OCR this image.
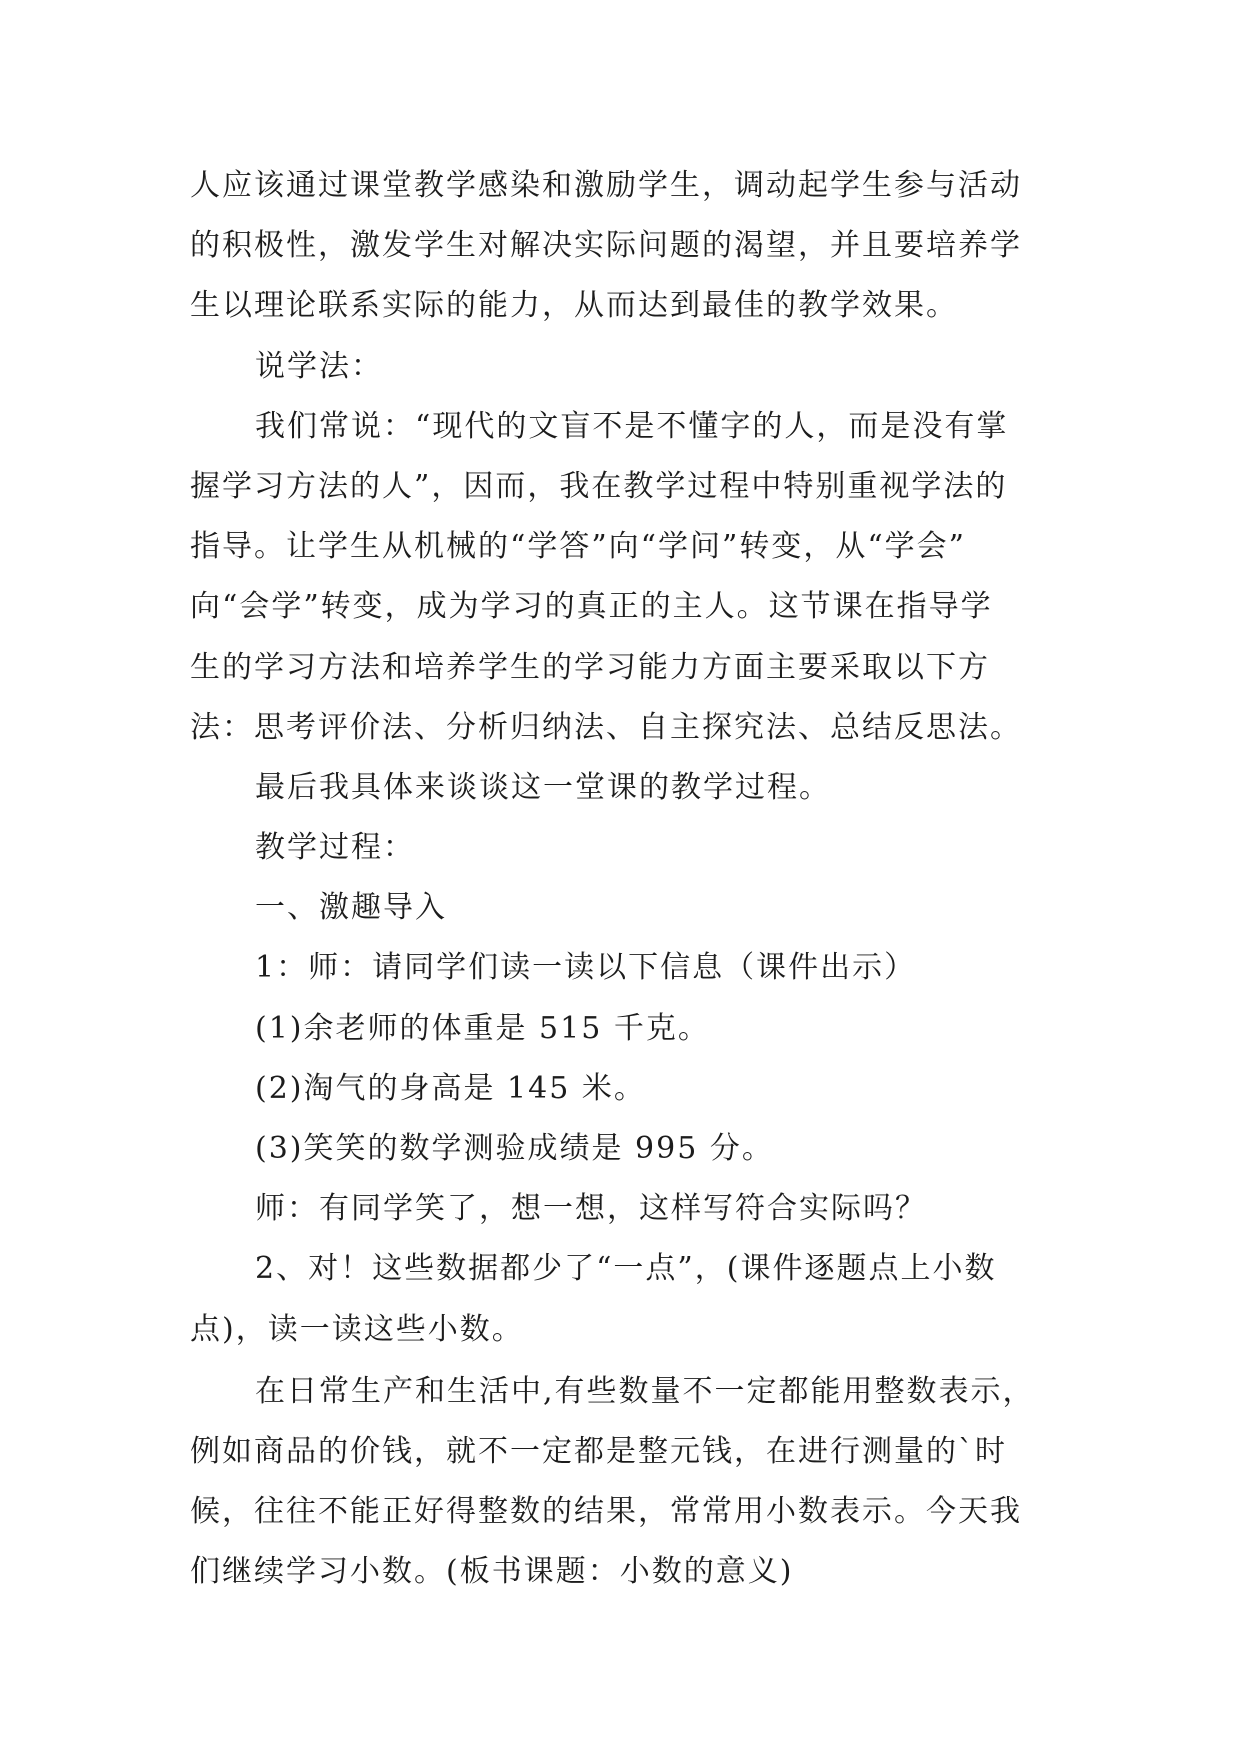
人应该通过课堂教学感染和激励学生，调动起学生参与活动
的积极性，激发学生对解决实际问题的渴望，并且要培养学
生以理论联系实际的能力，从而达到最佳的教学效果。
说学法：
我们常说：“现代的文盲不是不懂字的人，而是没有掌
握学习方法的人”，因而，我在教学过程中特别重视学法的
指导。让学生从机械的“学答”向“学问”转变，从“学会”
向“会学”转变，成为学习的真正的主人。这节课在指导学
生的学习方法和培养学生的学习能力方面主要采取以下方
法：思考评价法、分析归纳法、自主探究法、总结反思法。
最后我具体来谈谈这一堂课的教学过程。
教学过程：
一、激趣导入
1：师：请同学们读一读以下信息（课件出示）
(1)余老师的体重是 515 千克。
(2)淘气的身高是 145 米。
(3)笑笑的数学测验成绩是 995 分。
师：有同学笑了，想一想，这样写符合实际吗？
2、对！这些数据都少了“一点”，(课件逐题点上小数
点)，读一读这些小数。
在日常生产和生活中,有些数量不一定都能用整数表示，
例如商品的价钱，就不一定都是整元钱，在进行测量的`时
候，往往不能正好得整数的结果，常常用小数表示。今天我
们继续学习小数。(板书课题：小数的意义)
